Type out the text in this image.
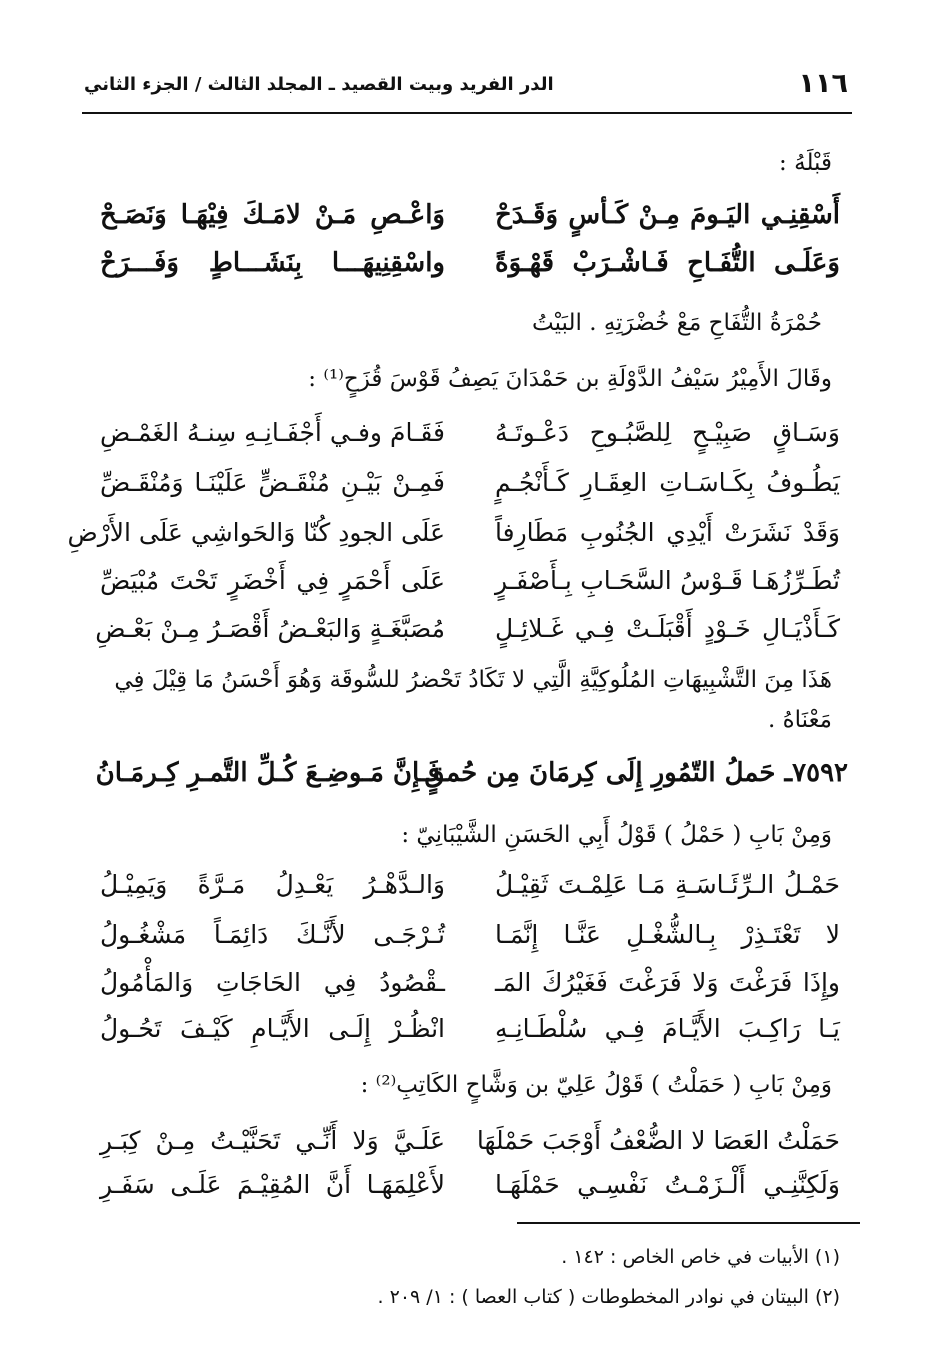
١١٦
الدر الفريد وبيت القصيد ـ المجلد الثالث / الجزء الثاني
قَبْلَهُ :
أَسْقِنِـي اليَـومَ مِـنْ كَـأسٍ وَقَـدَحْ
وَاعْـصِ مَـنْ لامَـكَ فِيْهَـا وَنَصَـحْ
وَعَلَـى التُّفَـاحِ فَـاشْـرَبْ قَهْـوَةً
واسْقِنِيهَـــا بِنَشَـــاطٍ وَفَـــرَحْ
حُمْرَةُ التُّفَاحِ مَعْ خُضْرَتِهِ . البَيْتُ
وقَالَ الأَمِيْرُ سَيْفُ الدَّوْلَةِ بن حَمْدَانَ يَصِفُ قَوْسَ قُزَحٍ⁽¹⁾ :
وَسَـاقٍ صَبِيْـحٍ لِلصَّبُـوحِ دَعْـوتَـهُ
فَقَـامَ وفـي أَجْفَـانِـهِ سِنـهُ الغَمْـضِ
يَطُـوفُ بِكَـاسَـاتِ العِقَـارِ كَـأَنْجُـمٍ
فَمِـنْ بَيْـنِ مُنْقَـضٍّ عَلَيْنَـا وَمُنْقَـضِّ
وَقَدْ نَشَرَتْ أَيْدِي الجُنُوبِ مَطَارِفاً
عَلَى الجودِ كُنّا وَالحَواشِي عَلَى الأَرْضِ
تُطَـرِّزُهَـا قَـوْسُ السَّحَـابِ بِـأَصْفَـرٍ
عَلَى أَحْمَرٍ فِي أَخْضَرٍ تَحْتَ مُبْيَضِّ
كَـأَذْيَـالِ خَـوْدٍ أَقْبَلَـتْ فِـي غَـلائِـلٍ
مُصَبَّغَـةٍ وَالبَعْـضُ أَقْصَـرُ مِـنْ بَعْـضِ
هَذَا مِنَ التَّشْبِيهَاتِ المُلُوكِيَّةِ الَّتِي لا تَكَادُ تَحْضرُ للسُّوقَة وَهُوَ أَحْسَنُ مَا قِيْلَ فِي مَعْنَاهُ .
٧٥٩٢ـ حَملُ التّمُورِ إِلَى كِرمَانَ مِن حُمقٍ
فَـإِنَّ مَـوضِـعَ كُـلِّ التَّمـرِ كِـرمَـانُ
وَمِنْ بَابِ ( حَمْلُ ) قَوْلُ أَبِي الحَسَنِ الشَّيْبَانِيّ :
حَمْـلُ الـرِّئَـاسَـةِ مَـا عَلِمْـتَ ثَقِيْـلُ
وَالـدَّهْـرُ يَعْـدِلُ مَـرَّةً وَيَمِيْـلُ
لا تَعْتَـذِرْ بِـالشُّغْـلِ عَنَّـا إِنَّمَـا
تُـرْجَـى لأَنَّـكَ دَائِمَـاً مَشْغُـولُ
وإِذَا فَرَغْتَ وَلا فَرَغْتَ فَغَيْرُكَ المَـ
ـقْصُودُ فِي الحَاجَاتِ وَالمَأْمُولُ
يَـا رَاكِـبَ الأَيَّـامَ فِـي سُلْطَـانِـهِ
انْظُـرْ إِلَـى الأَيَّـامِ كَيْـفَ تَحُـولُ
وَمِنْ بَابِ ( حَمَلْتُ ) قَوْلُ عَلِيّ بن وَشَّاحٍ الكَاتِبِ⁽²⁾ :
حَمَلْتُ العَصَا لا الضُّعْفُ أَوْجَبَ حَمْلَهَا
عَلَـيَّ وَلا أَنِّـي تَحَنَّيْـتُ مِـنْ كِبَـرِ
وَلَكِنَّنِـي أَلْـزَمْـتُ نَفْسِـي حَمْلَهَـا
لأَعْلِمَهَـا أَنَّ المُقِيْـمَ عَلَـى سَفَـرِ
(١) الأبيات في خاص الخاص : ١٤٢ .
(٢) البيتان في نوادر المخطوطات ( كتاب العصا ) : ١/ ٢٠٩ .
